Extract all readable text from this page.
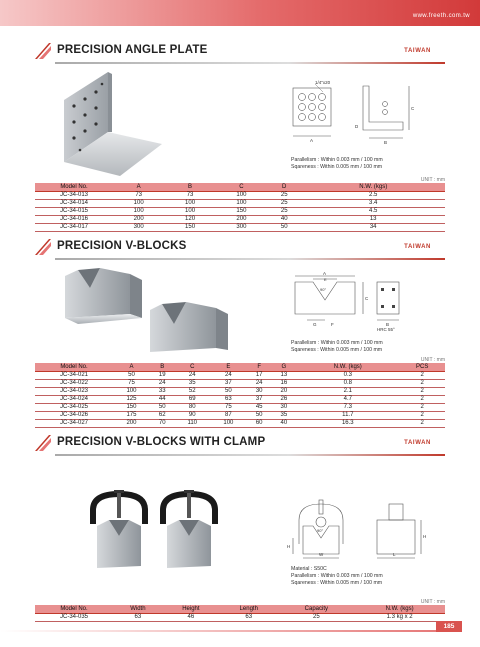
www.freeth.com.tw
PRECISION ANGLE PLATE	TAIWAN
1/4"x20
A	B
C
D
Parallelism : Within 0.003 mm / 100 mm
Sqareness : Within 0.005 mm / 100 mm
UNIT : mm
Model No.	A	B	C	D	N.W. (kgs)
JC-34-013	73	73	100	25	2.5
JC-34-014	100	100	100	25	3.4
JC-34-015	100	100	150	25	4.5
JC-34-016	200	120	200	40	13
JC-34-017	300	150	300	50	34
PRECISION V-BLOCKS	TAIWAN
A
E
90°
C
G	F	B
HRC 55°
Parallelism : Within 0.003 mm / 100 mm
Sqareness : Within 0.005 mm / 100 mm
UNIT : mm
Model No.	A	B	C	E	F	G	N.W. (kgs)	PCS
JC-34-021	50	19	24	24	17	13	0.3	2
JC-34-022	75	24	35	37	24	16	0.8	2
JC-34-023	100	33	52	50	30	20	2.1	2
JC-34-024	125	44	69	63	37	26	4.7	2
JC-34-025	150	50	80	75	45	30	7.3	2
JC-34-026	175	62	90	87	50	35	11.7	2
JC-34-027	200	70	110	100	60	40	16.3	2
PRECISION V-BLOCKS WITH CLAMP	TAIWAN
90°
H
W
H
L
Material : S50C
Parallelism : Within 0.003 mm / 100 mm
Sqareness : Within 0.005 mm / 100 mm
UNIT : mm
Model No.	Width	Height	Length	Capacity	N.W. (kgs)
JC-34-035	63	46	63	25	1.3 kg x 2
185
